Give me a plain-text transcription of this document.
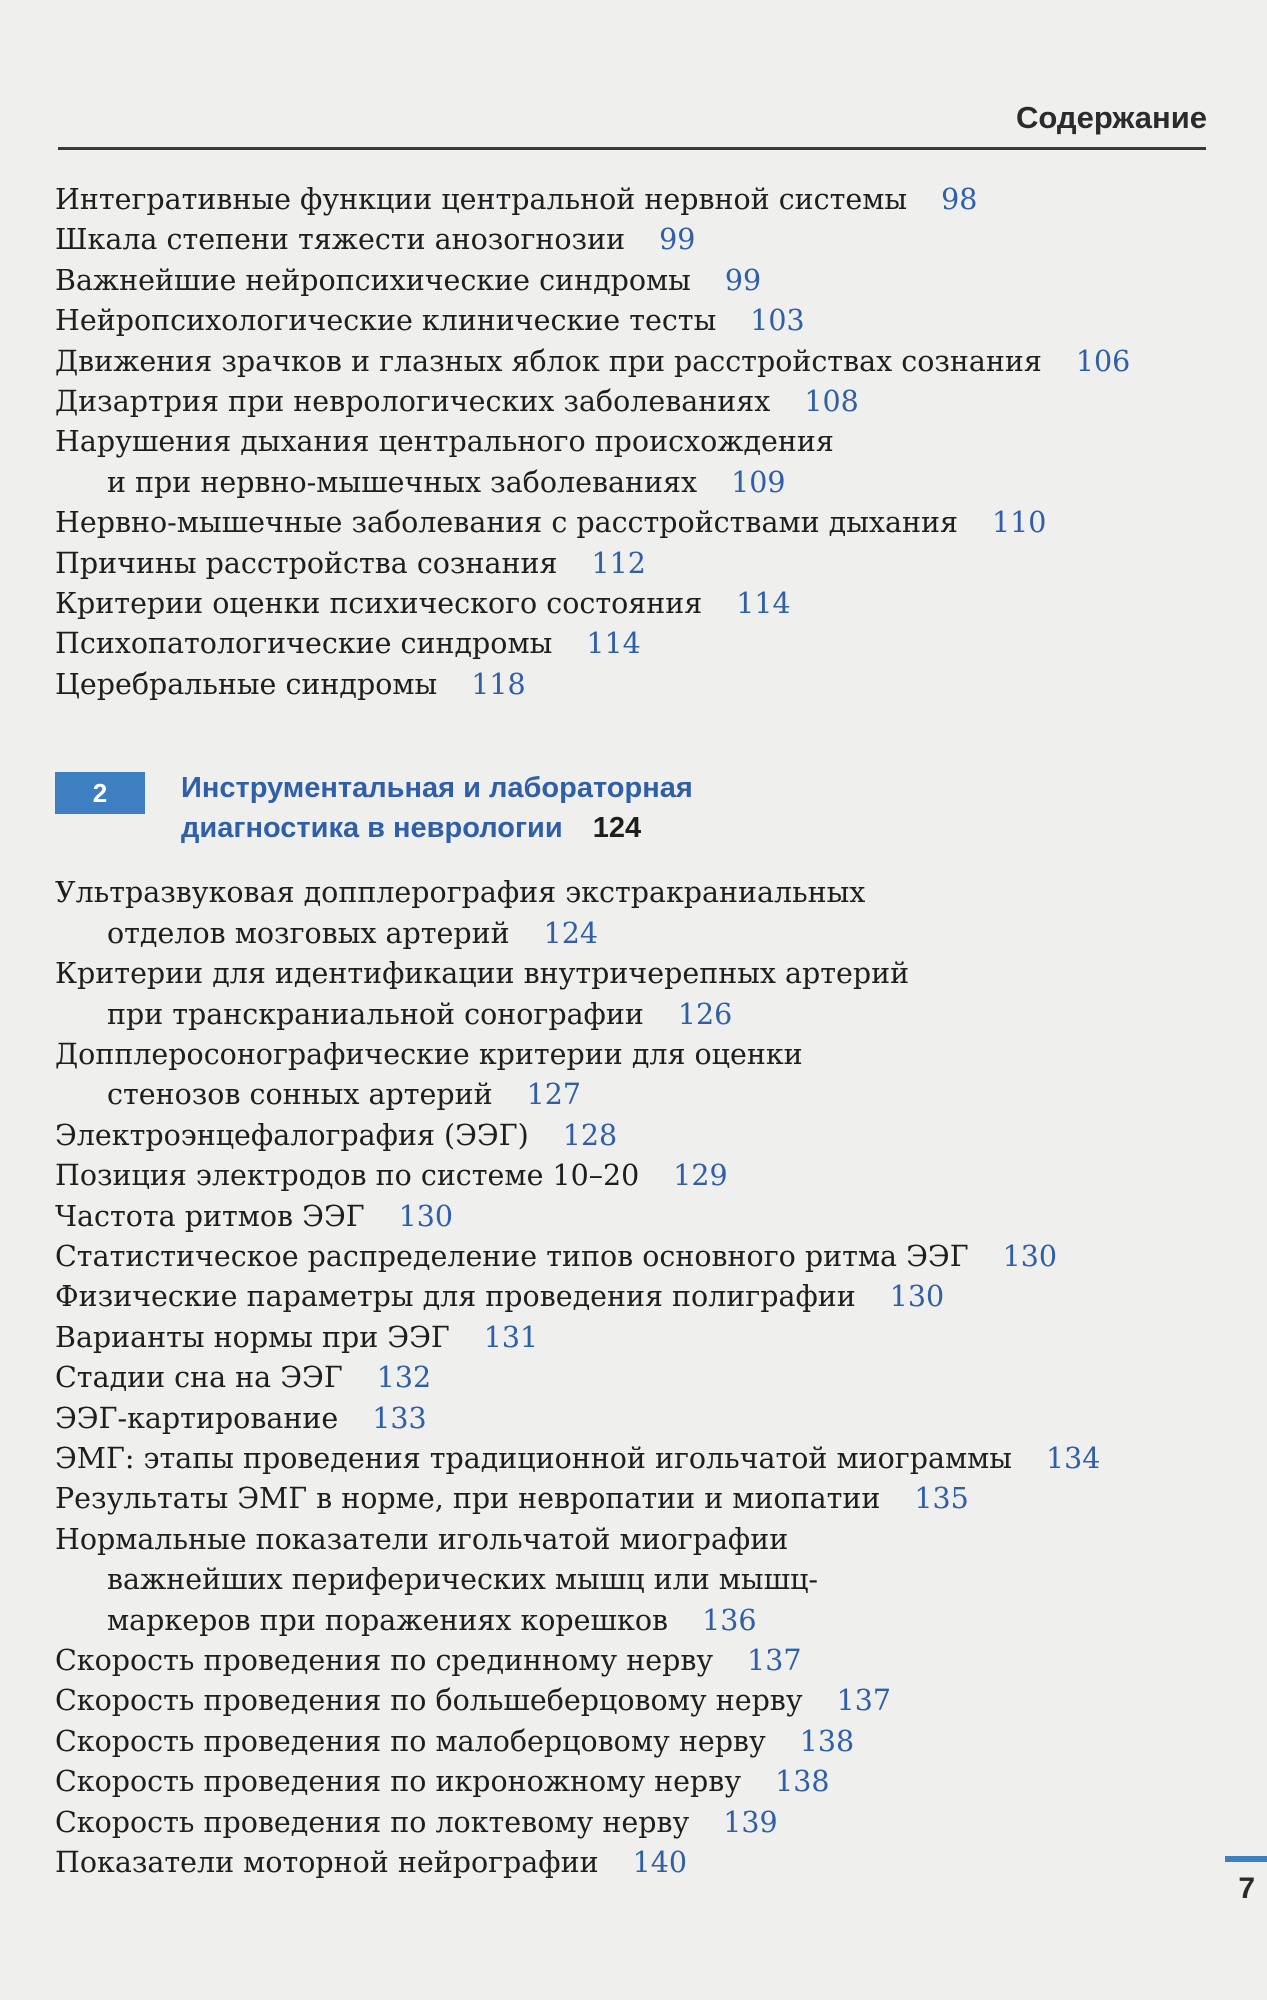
Содержание
Интегративные функции центральной нервной системы 98
Шкала степени тяжести анозогнозии 99
Важнейшие нейропсихические синдромы 99
Нейропсихологические клинические тесты 103
Движения зрачков и глазных яблок при расстройствах сознания 106
Дизартрия при неврологических заболеваниях 108
Нарушения дыхания центрального происхождения
и при нервно-мышечных заболеваниях 109
Нервно-мышечные заболевания с расстройствами дыхания 110
Причины расстройства сознания 112
Критерии оценки психического состояния 114
Психопатологические синдромы 114
Церебральные синдромы 118
2	Инструментальная и лабораторная
диагностика в неврологии 124
Ультразвуковая допплерография экстракраниальных
отделов мозговых артерий 124
Критерии для идентификации внутричерепных артерий
при транскраниальной сонографии 126
Допплеросонографические критерии для оценки
стенозов сонных артерий 127
Электроэнцефалография (ЭЭГ) 128
Позиция электродов по системе 10–20 129
Частота ритмов ЭЭГ 130
Статистическое распределение типов основного ритма ЭЭГ 130
Физические параметры для проведения полиграфии 130
Варианты нормы при ЭЭГ 131
Стадии сна на ЭЭГ 132
ЭЭГ-картирование 133
ЭМГ: этапы проведения традиционной игольчатой миограммы 134
Результаты ЭМГ в норме, при невропатии и миопатии 135
Нормальные показатели игольчатой миографии
важнейших периферических мышц или мышц-
маркеров при поражениях корешков 136
Скорость проведения по срединному нерву 137
Скорость проведения по большеберцовому нерву 137
Скорость проведения по малоберцовому нерву 138
Скорость проведения по икроножному нерву 138
Скорость проведения по локтевому нерву 139
Показатели моторной нейрографии 140
7
